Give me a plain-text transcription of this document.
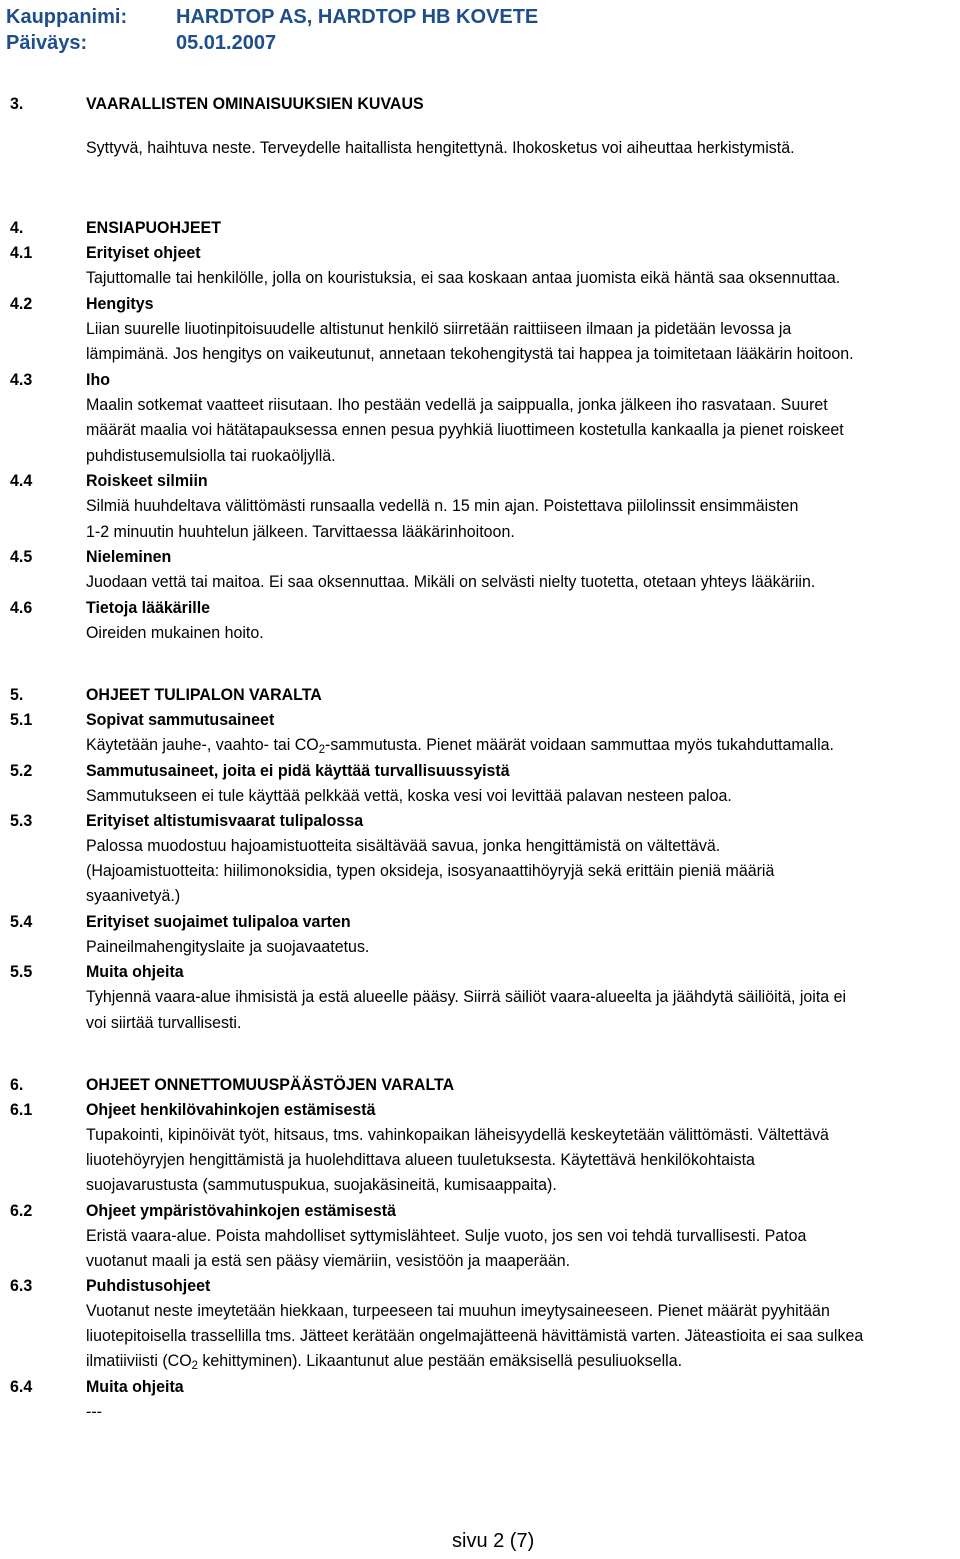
Kauppanimi: HARDTOP AS, HARDTOP HB KOVETE
Päiväys:	05.01.2007
3.	VAARALLISTEN OMINAISUUKSIEN KUVAUS
Syttyvä, haihtuva neste. Terveydelle haitallista hengitettynä. Ihokosketus voi aiheuttaa herkistymistä.
4.	ENSIAPUOHJEET
4.1	Erityiset ohjeet
Tajuttomalle tai henkilölle, jolla on kouristuksia, ei saa koskaan antaa juomista eikä häntä saa oksennuttaa.
4.2	Hengitys
Liian suurelle liuotinpitoisuudelle altistunut henkilö siirretään raittiiseen ilmaan ja pidetään levossa ja
lämpimänä. Jos hengitys on vaikeutunut, annetaan tekohengitystä tai happea ja toimitetaan lääkärin hoitoon.
4.3	Iho
Maalin sotkemat vaatteet riisutaan. Iho pestään vedellä ja saippualla, jonka jälkeen iho rasvataan. Suuret
määrät maalia voi hätätapauksessa ennen pesua pyyhkiä liuottimeen kostetulla kankaalla ja pienet roiskeet
puhdistusemulsiolla tai ruokaöljyllä.
4.4	Roiskeet silmiin
Silmiä huuhdeltava välittömästi runsaalla vedellä n. 15 min ajan. Poistettava piilolinssit ensimmäisten
1-2 minuutin huuhtelun jälkeen. Tarvittaessa lääkärinhoitoon.
4.5	Nieleminen
Juodaan vettä tai maitoa. Ei saa oksennuttaa. Mikäli on selvästi nielty tuotetta, otetaan yhteys lääkäriin.
4.6	Tietoja lääkärille
Oireiden mukainen hoito.
5.	OHJEET TULIPALON VARALTA
5.1	Sopivat sammutusaineet
Käytetään jauhe-, vaahto- tai $CO_2$-sammutusta. Pienet määrät voidaan sammuttaa myös tukahduttamalla.
5.2	Sammutusaineet, joita ei pidä käyttää turvallisuussyistä
Sammutukseen ei tule käyttää pelkkää vettä, koska vesi voi levittää palavan nesteen paloa.
5.3	Erityiset altistumisvaarat tulipalossa
Palossa muodostuu hajoamistuotteita sisältävää savua, jonka hengittämistä on vältettävä.
(Hajoamistuotteita: hiilimonoksidia, typen oksideja, isosyanaattihöyryjä sekä erittäin pieniä määriä
syaanivetyä.)
5.4	Erityiset suojaimet tulipaloa varten
Paineilmahengityslaite ja suojavaatetus.
5.5	Muita ohjeita
Tyhjennä vaara-alue ihmisistä ja estä alueelle pääsy. Siirrä säiliöt vaara-alueelta ja jäähdytä säiliöitä, joita ei
voi siirtää turvallisesti.
6.	OHJEET ONNETTOMUUSPÄÄSTÖJEN VARALTA
6.1	Ohjeet henkilövahinkojen estämisestä
Tupakointi, kipinöivät työt, hitsaus, tms. vahinkopaikan läheisyydellä keskeytetään välittömästi. Vältettävä
liuotehöyryjen hengittämistä ja huolehdittava alueen tuuletuksesta. Käytettävä henkilökohtaista
suojavarustusta (sammutuspukua, suojakäsineitä, kumisaappaita).
6.2	Ohjeet ympäristövahinkojen estämisestä
Eristä vaara-alue. Poista mahdolliset syttymislähteet. Sulje vuoto, jos sen voi tehdä turvallisesti. Patoa
vuotanut maali ja estä sen pääsy viemäriin, vesistöön ja maaperään.
6.3	Puhdistusohjeet
Vuotanut neste imeytetään hiekkaan, turpeeseen tai muuhun imeytysaineeseen. Pienet määrät pyyhitään
liuotepitoisella trassellilla tms. Jätteet kerätään ongelmajätteenä hävittämistä varten. Jäteastioita ei saa sulkea
ilmatiiviisti ($CO_2$ kehittyminen). Likaantunut alue pestään emäksisellä pesuliuoksella.
6.4	Muita ohjeita
---
sivu 2 (7)
